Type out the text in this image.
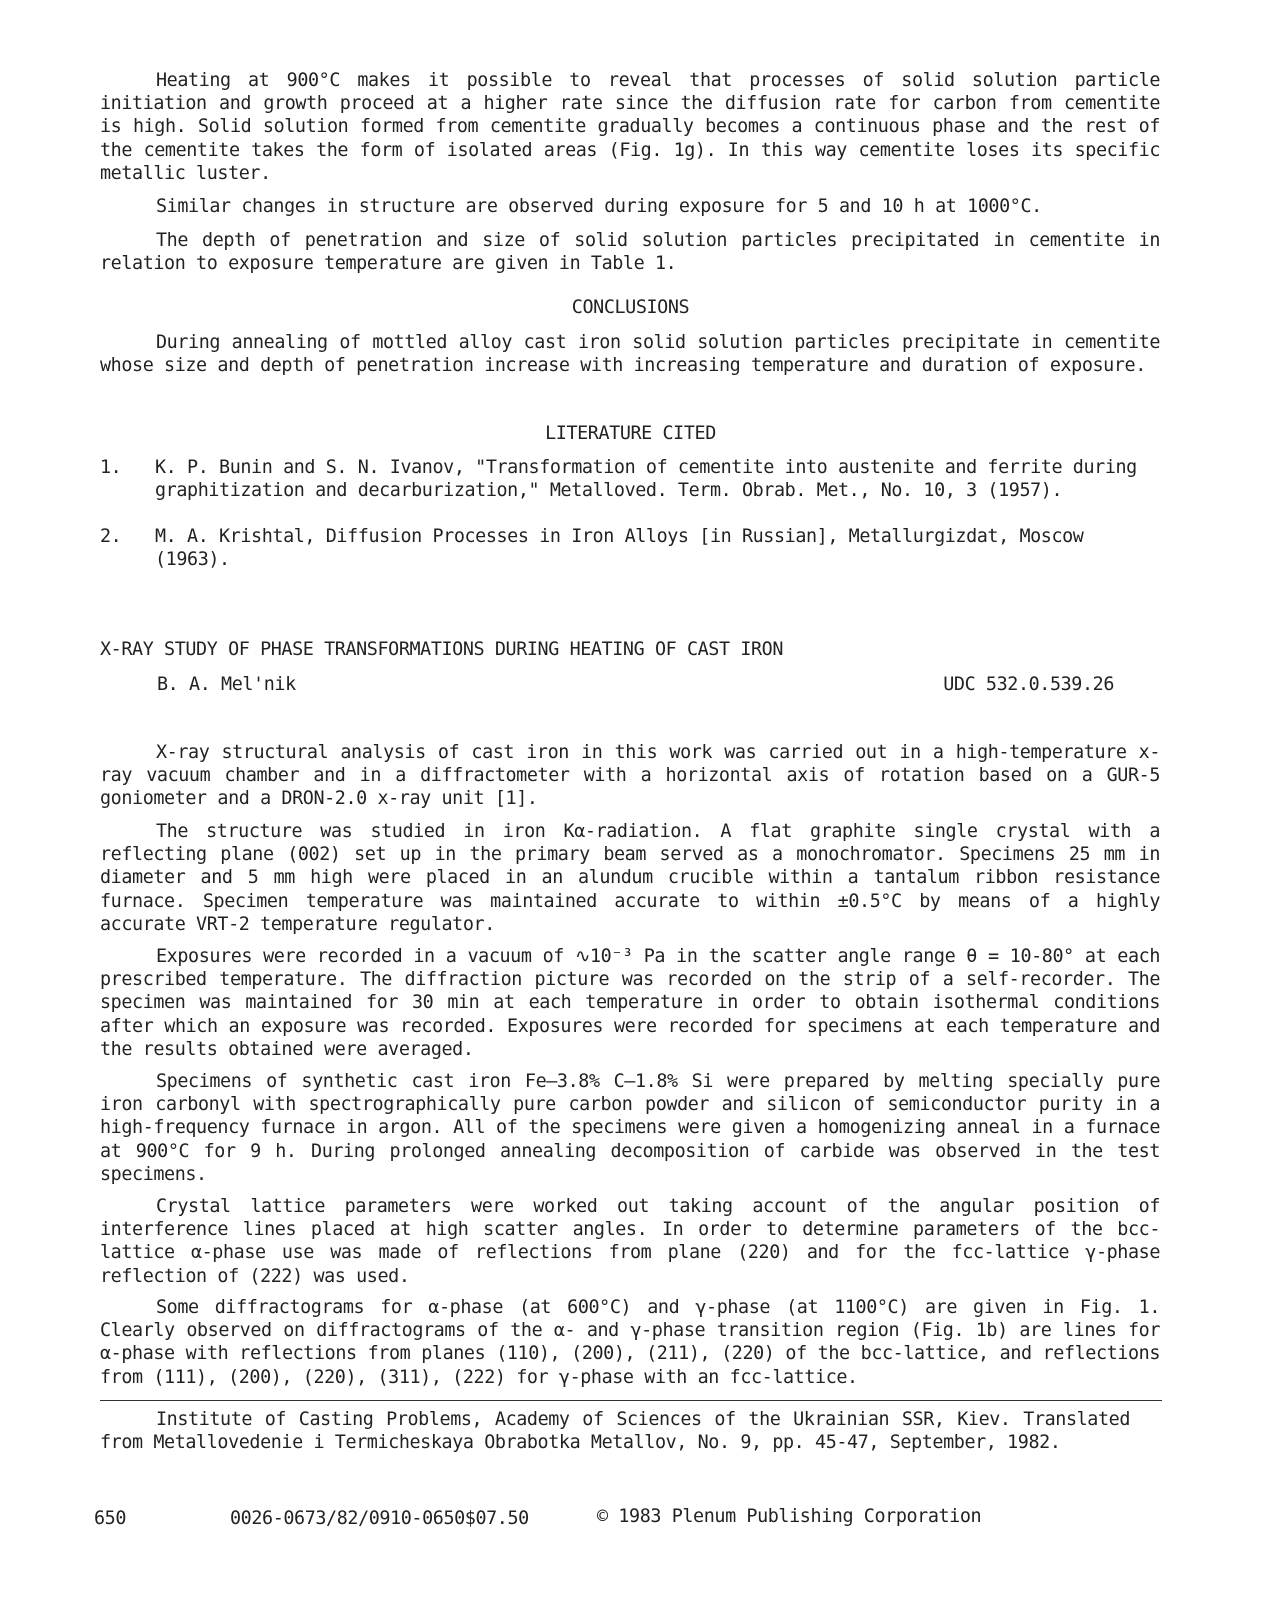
Heating at 900°C makes it possible to reveal that processes of solid solution particle initiation and growth proceed at a higher rate since the diffusion rate for carbon from cementite is high. Solid solution formed from cementite gradually becomes a continuous phase and the rest of the cementite takes the form of isolated areas (Fig. 1g). In this way cementite loses its specific metallic luster.
Similar changes in structure are observed during exposure for 5 and 10 h at 1000°C.
The depth of penetration and size of solid solution particles precipitated in cementite in relation to exposure temperature are given in Table 1.
CONCLUSIONS
During annealing of mottled alloy cast iron solid solution particles precipitate in cementite whose size and depth of penetration increase with increasing temperature and duration of exposure.
LITERATURE CITED
1. K. P. Bunin and S. N. Ivanov, "Transformation of cementite into austenite and ferrite during graphitization and decarburization," Metalloved. Term. Obrab. Met., No. 10, 3 (1957).
2. M. A. Krishtal, Diffusion Processes in Iron Alloys [in Russian], Metallurgizdat, Moscow (1963).
X-RAY STUDY OF PHASE TRANSFORMATIONS DURING HEATING OF CAST IRON
B. A. Mel'nik	UDC 532.0.539.26
X-ray structural analysis of cast iron in this work was carried out in a high-temperature x-ray vacuum chamber and in a diffractometer with a horizontal axis of rotation based on a GUR-5 goniometer and a DRON-2.0 x-ray unit [1].
The structure was studied in iron Kα-radiation. A flat graphite single crystal with a reflecting plane (002) set up in the primary beam served as a monochromator. Specimens 25 mm in diameter and 5 mm high were placed in an alundum crucible within a tantalum ribbon resistance furnace. Specimen temperature was maintained accurate to within ±0.5°C by means of a highly accurate VRT-2 temperature regulator.
Exposures were recorded in a vacuum of ∿10⁻³ Pa in the scatter angle range θ = 10-80° at each prescribed temperature. The diffraction picture was recorded on the strip of a self-recorder. The specimen was maintained for 30 min at each temperature in order to obtain isothermal conditions after which an exposure was recorded. Exposures were recorded for specimens at each temperature and the results obtained were averaged.
Specimens of synthetic cast iron Fe—3.8% C—1.8% Si were prepared by melting specially pure iron carbonyl with spectrographically pure carbon powder and silicon of semiconductor purity in a high-frequency furnace in argon. All of the specimens were given a homogenizing anneal in a furnace at 900°C for 9 h. During prolonged annealing decomposition of carbide was observed in the test specimens.
Crystal lattice parameters were worked out taking account of the angular position of interference lines placed at high scatter angles. In order to determine parameters of the bcc-lattice α-phase use was made of reflections from plane (220) and for the fcc-lattice γ-phase reflection of (222) was used.
Some diffractograms for α-phase (at 600°C) and γ-phase (at 1100°C) are given in Fig. 1. Clearly observed on diffractograms of the α- and γ-phase transition region (Fig. 1b) are lines for α-phase with reflections from planes (110), (200), (211), (220) of the bcc-lattice, and reflections from (111), (200), (220), (311), (222) for γ-phase with an fcc-lattice.
Institute of Casting Problems, Academy of Sciences of the Ukrainian SSR, Kiev. Translated from Metallovedenie i Termicheskaya Obrabotka Metallov, No. 9, pp. 45-47, September, 1982.
650	0026-0673/82/0910-0650$07.50	© 1983 Plenum Publishing Corporation
